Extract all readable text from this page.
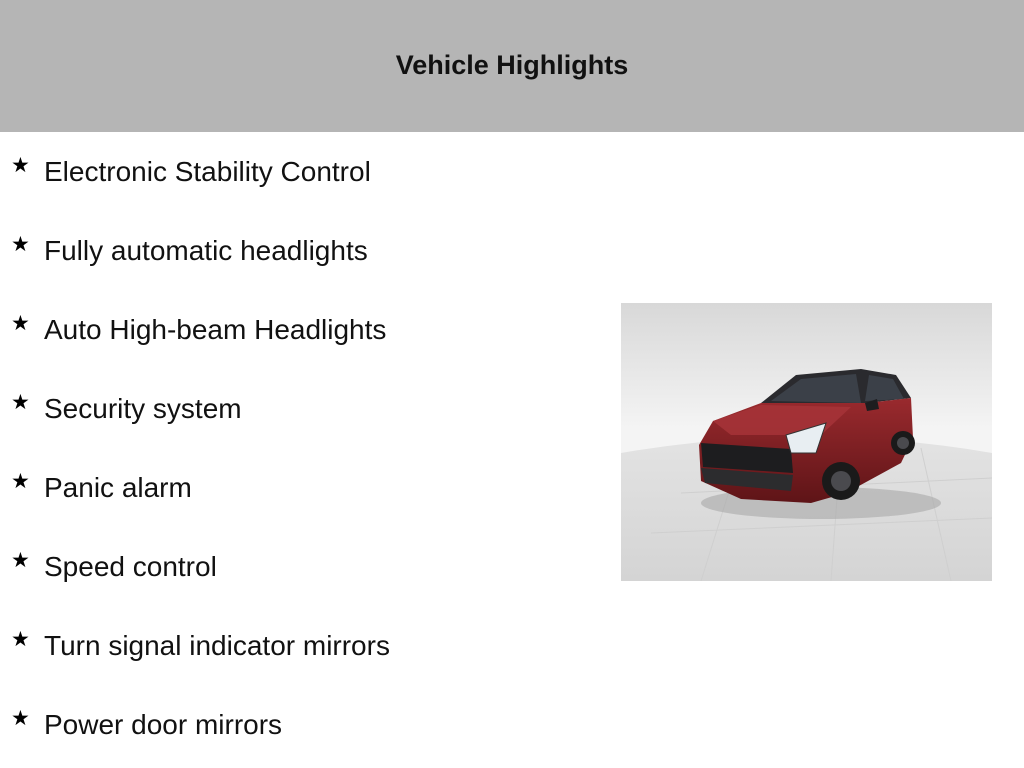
Vehicle Highlights
★ Electronic Stability Control
★ Fully automatic headlights
★ Auto High-beam Headlights
★ Security system
★ Panic alarm
★ Speed control
★ Turn signal indicator mirrors
★ Power door mirrors
